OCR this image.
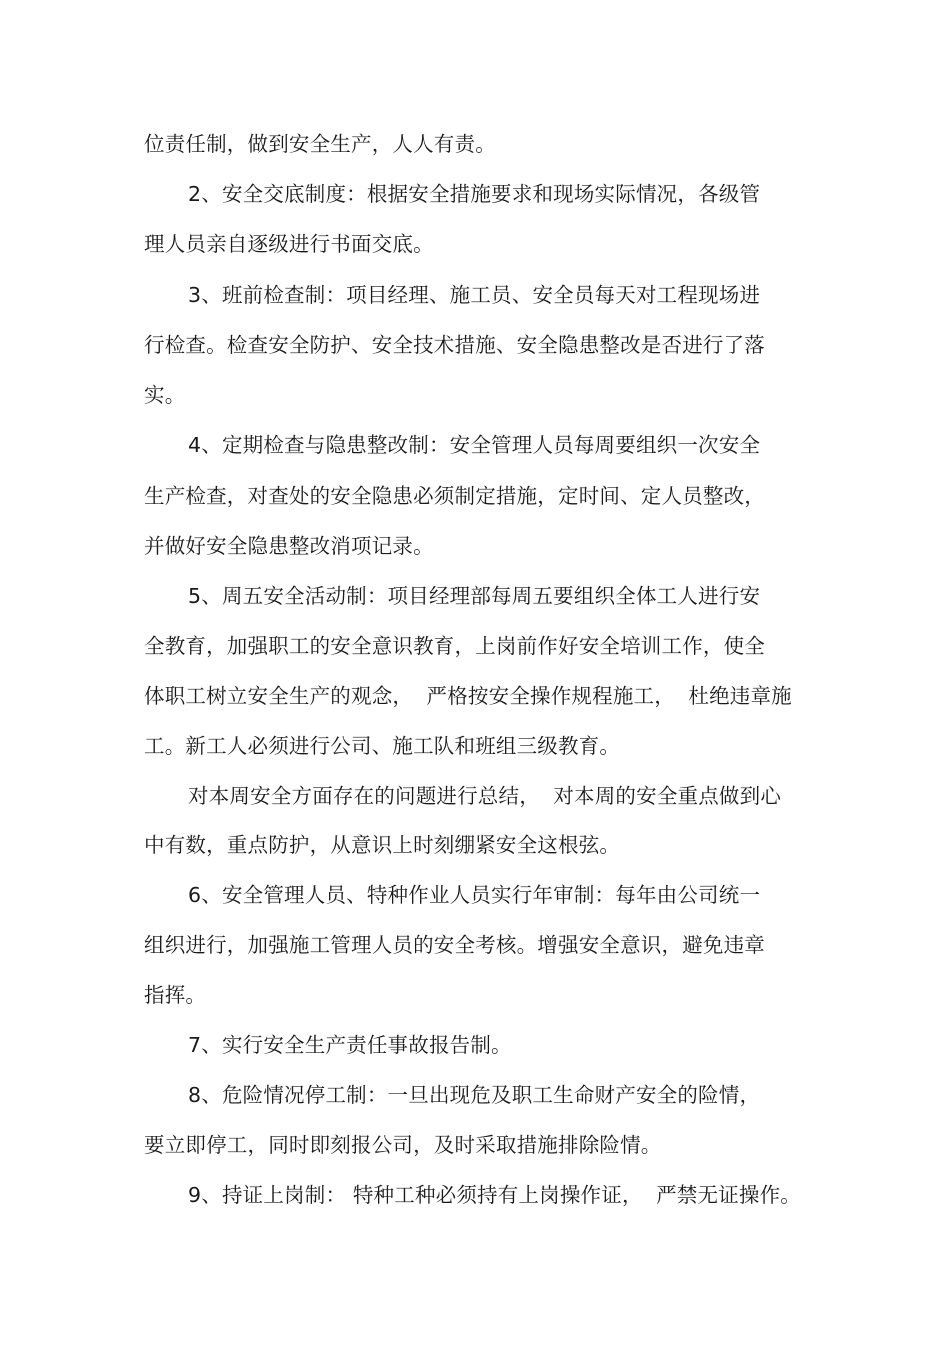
位责任制，做到安全生产，人人有责。
2、安全交底制度：根据安全措施要求和现场实际情况，各级管
理人员亲自逐级进行书面交底。
3、班前检查制：项目经理、施工员、安全员每天对工程现场进
行检查。检查安全防护、安全技术措施、安全隐患整改是否进行了落
实。
4、定期检查与隐患整改制：安全管理人员每周要组织一次安全
生产检查，对查处的安全隐患必须制定措施，定时间、定人员整改，
并做好安全隐患整改消项记录。
5、周五安全活动制：项目经理部每周五要组织全体工人进行安
全教育，加强职工的安全意识教育，上岗前作好安全培训工作，使全
体职工树立安全生产的观念，  严格按安全操作规程施工，  杜绝违章施
工。新工人必须进行公司、施工队和班组三级教育。
对本周安全方面存在的问题进行总结，  对本周的安全重点做到心
中有数，重点防护，从意识上时刻绷紧安全这根弦。
6、安全管理人员、特种作业人员实行年审制：每年由公司统一
组织进行，加强施工管理人员的安全考核。增强安全意识，避免违章
指挥。
7、实行安全生产责任事故报告制。
8、危险情况停工制：一旦出现危及职工生命财产安全的险情，
要立即停工，同时即刻报公司，及时采取措施排除险情。
9、持证上岗制： 特种工种必须持有上岗操作证，  严禁无证操作。
